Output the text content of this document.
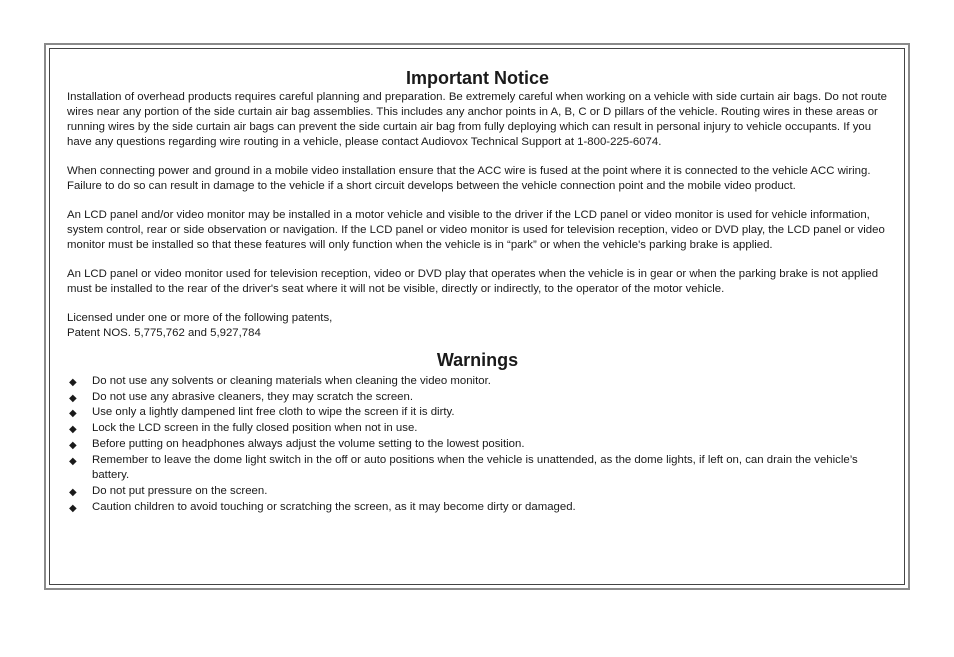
Important Notice

Installation of overhead products requires careful planning and preparation. Be extremely careful when working on a vehicle with side curtain air bags. Do not route wires near any portion of the side curtain air bag assemblies. This includes any anchor points in A, B, C or D pillars of the vehicle. Routing wires in these areas or running wires by the side curtain air bags can prevent the side curtain air bag from fully deploying which can result in personal injury to vehicle occupants. If you have any questions regarding wire routing in a vehicle, please contact Audiovox Technical Support at 1-800-225-6074.

When connecting power and ground in a mobile video installation ensure that the ACC wire is fused at the point where it is connected to the vehicle ACC wiring. Failure to do so can result in damage to the vehicle if a short circuit develops between the vehicle connection point and the mobile video product.

An LCD panel and/or video monitor may be installed in a motor vehicle and visible to the driver if the LCD panel or video monitor is used for vehicle information, system control, rear or side observation or navigation. If the LCD panel or video monitor is used for television reception, video or DVD play, the LCD panel or video monitor must be installed so that these features will only function when the vehicle is in “park” or when the vehicle's parking brake is applied.

An LCD panel or video monitor used for television reception, video or DVD play that operates when the vehicle is in gear or when the parking brake is not applied must be installed to the rear of the driver's seat where it will not be visible, directly or indirectly, to the operator of the motor vehicle.

Licensed under one or more of the following patents,
Patent NOS. 5,775,762 and 5,927,784

Warnings
◆ Do not use any solvents or cleaning materials when cleaning the video monitor.
◆ Do not use any abrasive cleaners, they may scratch the screen.
◆ Use only a lightly dampened lint free cloth to wipe the screen if it is dirty.
◆ Lock the LCD screen in the fully closed position when not in use.
◆ Before putting on headphones always adjust the volume setting to the lowest position.
◆ Remember to leave the dome light switch in the off or auto positions when the vehicle is unattended, as the dome lights, if left on, can drain the vehicle’s battery.
◆ Do not put pressure on the screen.
◆ Caution children to avoid touching or scratching the screen, as it may become dirty or damaged.
